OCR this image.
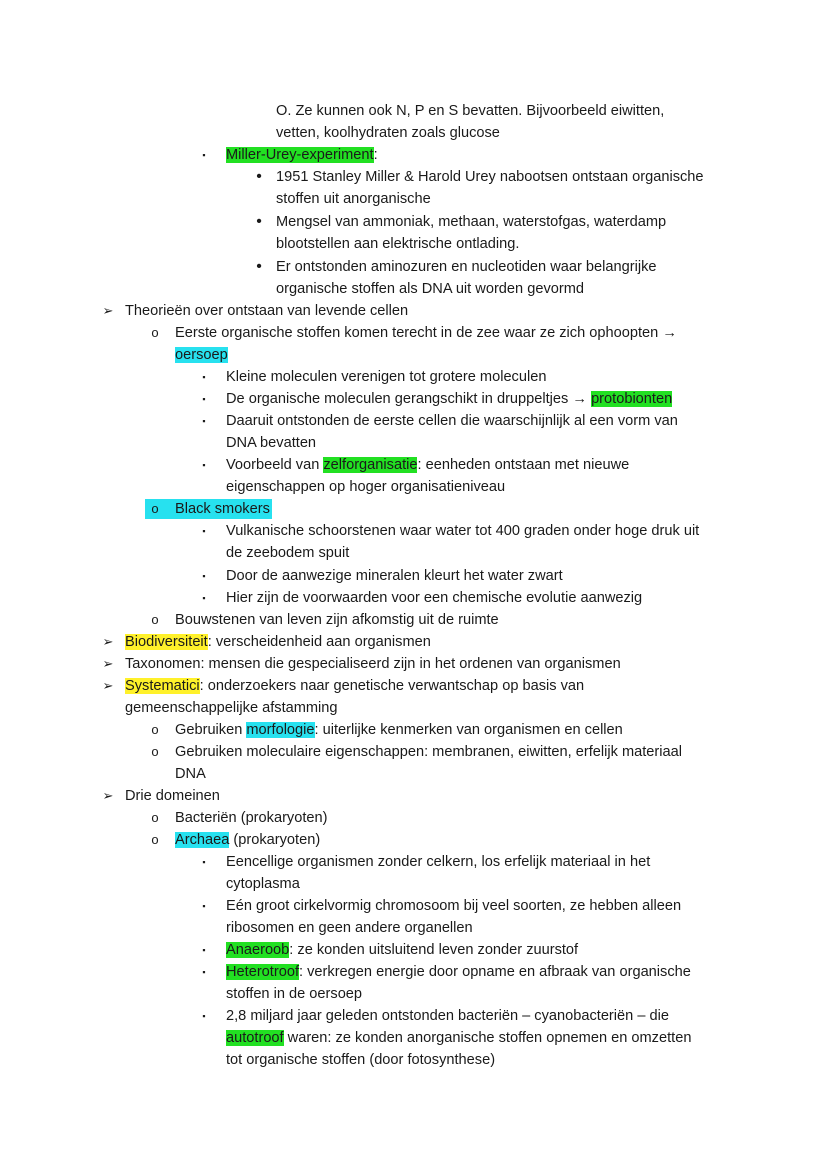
O. Ze kunnen ook N, P en S bevatten. Bijvoorbeeld eiwitten,
vetten, koolhydraten zoals glucose
▪ Miller-Urey-experiment:
• 1951 Stanley Miller & Harold Urey nabootsen ontstaan organische
stoffen uit anorganische
• Mengsel van ammoniak, methaan, waterstofgas, waterdamp
blootstellen aan elektrische ontlading.
• Er ontstonden aminozuren en nucleotiden waar belangrijke
organische stoffen als DNA uit worden gevormd
➢ Theorieën over ontstaan van levende cellen
o Eerste organische stoffen komen terecht in de zee waar ze zich ophoopten →
oersoep
▪ Kleine moleculen verenigen tot grotere moleculen
▪ De organische moleculen gerangschikt in druppeltjes → protobionten
▪ Daaruit ontstonden de eerste cellen die waarschijnlijk al een vorm van
DNA bevatten
▪ Voorbeeld van zelforganisatie: eenheden ontstaan met nieuwe
eigenschappen op hoger organisatieniveau
o Black smokers
▪ Vulkanische schoorstenen waar water tot 400 graden onder hoge druk uit
de zeebodem spuit
▪ Door de aanwezige mineralen kleurt het water zwart
▪ Hier zijn de voorwaarden voor een chemische evolutie aanwezig
o Bouwstenen van leven zijn afkomstig uit de ruimte
➢ Biodiversiteit: verscheidenheid aan organismen
➢ Taxonomen: mensen die gespecialiseerd zijn in het ordenen van organismen
➢ Systematici: onderzoekers naar genetische verwantschap op basis van
gemeenschappelijke afstamming
o Gebruiken morfologie: uiterlijke kenmerken van organismen en cellen
o Gebruiken moleculaire eigenschappen: membranen, eiwitten, erfelijk materiaal
DNA
➢ Drie domeinen
o Bacteriën (prokaryoten)
o Archaea (prokaryoten)
▪ Eencellige organismen zonder celkern, los erfelijk materiaal in het
cytoplasma
▪ Eén groot cirkelvormig chromosoom bij veel soorten, ze hebben alleen
ribosomen en geen andere organellen
▪ Anaeroob: ze konden uitsluitend leven zonder zuurstof
▪ Heterotroof: verkregen energie door opname en afbraak van organische
stoffen in de oersoep
▪ 2,8 miljard jaar geleden ontstonden bacteriën – cyanobacteriën – die
autotroof waren: ze konden anorganische stoffen opnemen en omzetten
tot organische stoffen (door fotosynthese)
